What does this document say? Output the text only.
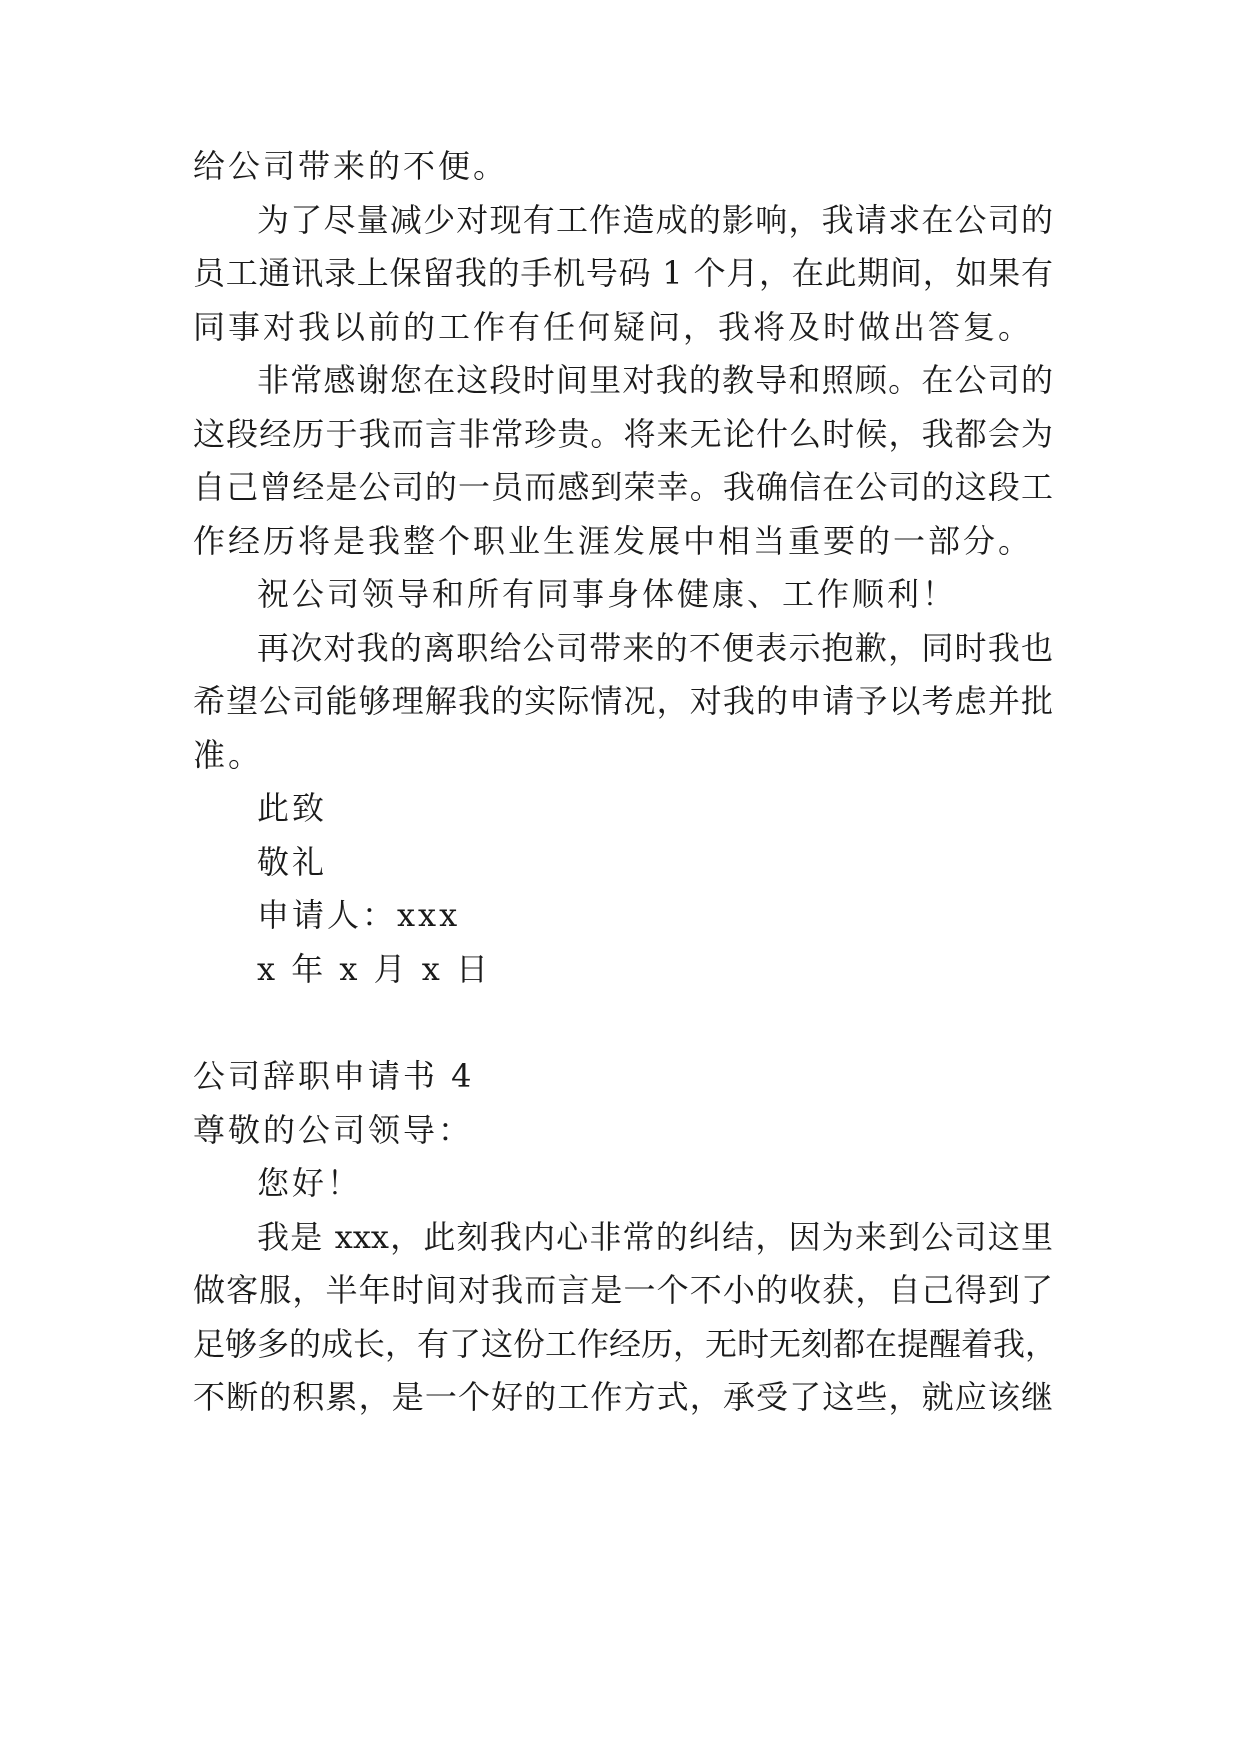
给公司带来的不便。
为了尽量减少对现有工作造成的影响，我请求在公司的
员工通讯录上保留我的手机号码 1 个月，在此期间，如果有
同事对我以前的工作有任何疑问，我将及时做出答复。
非常感谢您在这段时间里对我的教导和照顾。在公司的
这段经历于我而言非常珍贵。将来无论什么时候，我都会为
自己曾经是公司的一员而感到荣幸。我确信在公司的这段工
作经历将是我整个职业生涯发展中相当重要的一部分。
祝公司领导和所有同事身体健康、工作顺利！
再次对我的离职给公司带来的不便表示抱歉，同时我也
希望公司能够理解我的实际情况，对我的申请予以考虑并批
准。
此致
敬礼
申请人：xxx
x 年 x 月 x 日
公司辞职申请书 4
尊敬的公司领导：
您好！
我是 xxx，此刻我内心非常的纠结，因为来到公司这里
做客服，半年时间对我而言是一个不小的收获，自己得到了
足够多的成长，有了这份工作经历，无时无刻都在提醒着我，
不断的积累，是一个好的工作方式，承受了这些，就应该继
